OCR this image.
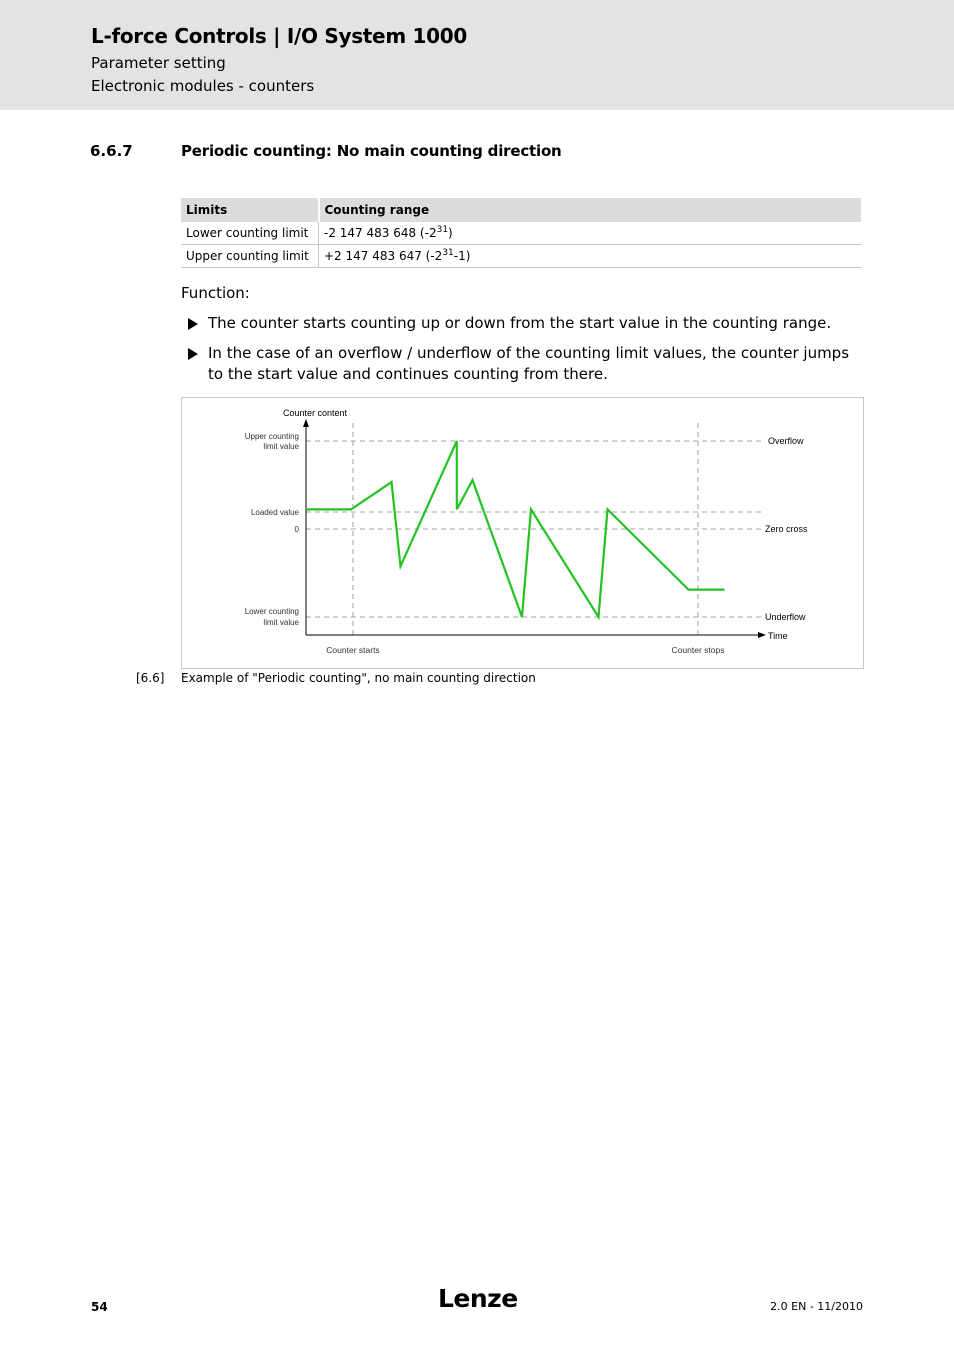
L-force Controls | I/O System 1000
Parameter setting
Electronic modules - counters
6.6.7	Periodic counting: No main counting direction
Limits	Counting range
Lower counting limit	-2 147 483 648 $(-2^{31})$
Upper counting limit	+2 147 483 647 $(-2^{31}-1)$
Function:
The counter starts counting up or down from the start value in the counting range.
In the case of an overflow / underflow of the counting limit values, the counter jumps to the start value and continues counting from there.
Counter content
Upper counting
limit value
Loaded value
0
Lower counting
limit value
Overflow
Zero cross
Underflow
Time
Counter starts	Counter stops
[6.6] Example of "Periodic counting", no main counting direction
54	Lenze	2.0 EN - 11/2010
